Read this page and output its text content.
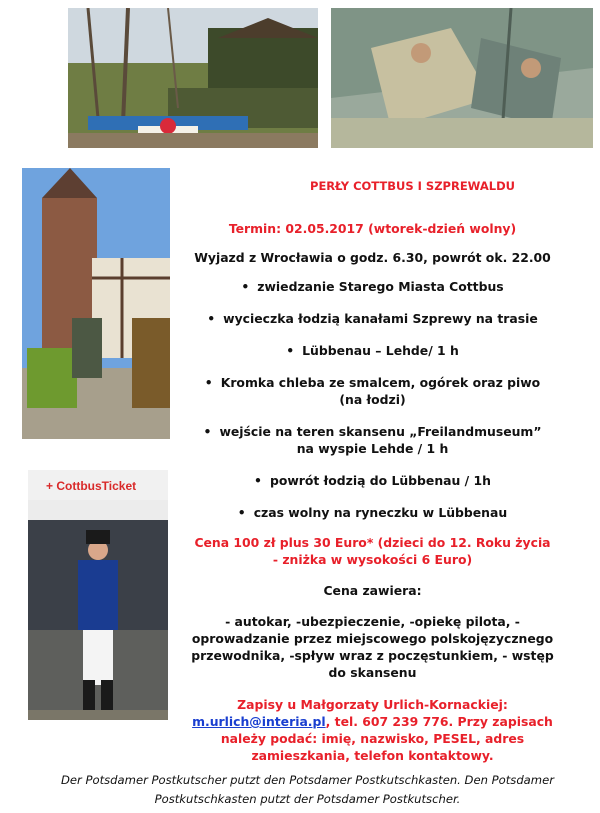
+ CottbusTicket
PERŁY COTTBUS I SZPREWALDU

Termin: 02.05.2017 (wtorek-dzień wolny)

Wyjazd z Wrocławia o godz. 6.30, powrót ok. 22.00

• zwiedzanie Starego Miasta Cottbus
• wycieczka łodzią kanałami Szprewy na trasie
• Lübbenau – Lehde/ 1 h
• Kromka chleba ze smalcem, ogórek oraz piwo (na łodzi)
• wejście na teren skansenu „Freilandmuseum” na wyspie Lehde / 1 h
• powrót łodzią do Lübbenau / 1h
• czas wolny na ryneczku w Lübbenau

Cena 100 zł plus 30 Euro* (dzieci do 12. Roku życia - zniżka w wysokości 6 Euro)

Cena zawiera:

- autokar, -ubezpieczenie, -opiekę pilota, -oprowadzanie przez miejscowego polskojęzycznego przewodnika, -spływ wraz z poczęstunkiem, - wstęp do skansenu

Zapisy u Małgorzaty Urlich-Kornackiej:

m.urlich@interia.pl, tel. 607 239 776. Przy zapisach należy podać: imię, nazwisko, PESEL, adres zamieszkania, telefon kontaktowy.

Der Potsdamer Postkutscher putzt den Potsdamer Postkutschkasten. Den Potsdamer Postkutschkasten putzt der Potsdamer Postkutscher.
